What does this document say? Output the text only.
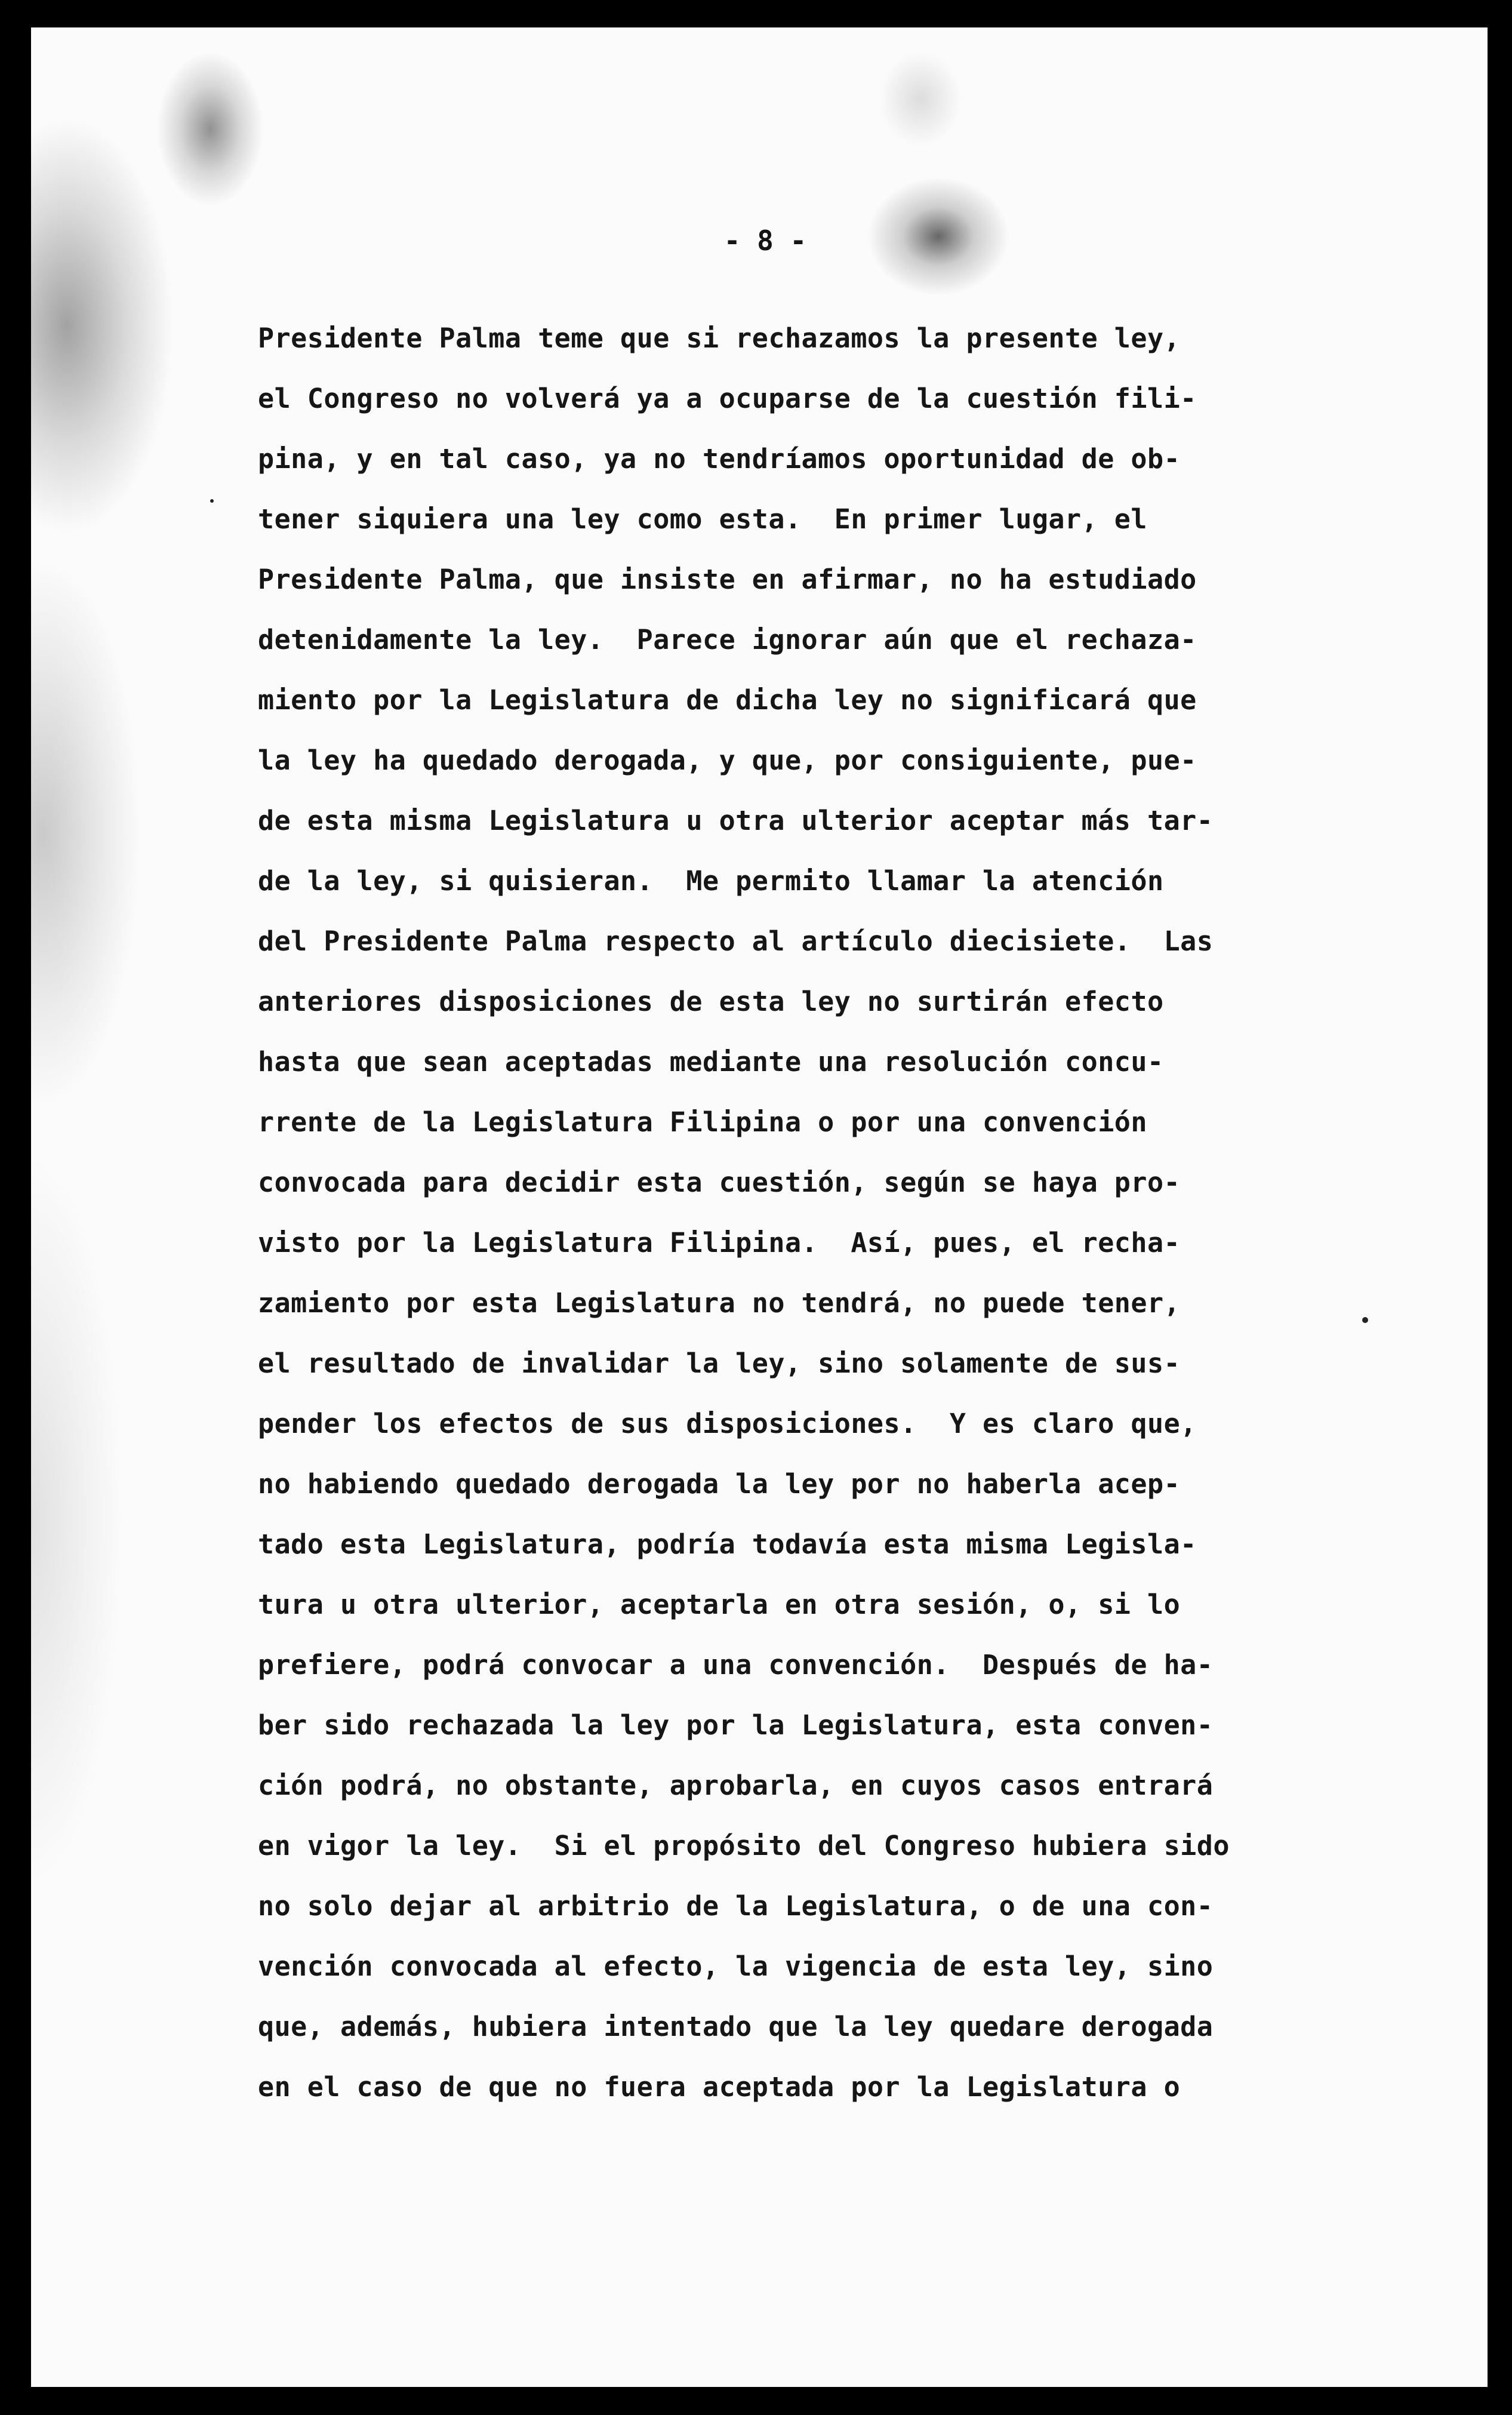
- 8 -
Presidente Palma teme que si rechazamos la presente ley,
el Congreso no volverá ya a ocuparse de la cuestión fili-
pina, y en tal caso, ya no tendríamos oportunidad de ob-
tener siquiera una ley como esta.  En primer lugar, el
Presidente Palma, que insiste en afirmar, no ha estudiado
detenidamente la ley.  Parece ignorar aún que el rechaza-
miento por la Legislatura de dicha ley no significará que
la ley ha quedado derogada, y que, por consiguiente, pue-
de esta misma Legislatura u otra ulterior aceptar más tar-
de la ley, si quisieran.  Me permito llamar la atención
del Presidente Palma respecto al artículo diecisiete.  Las
anteriores disposiciones de esta ley no surtirán efecto
hasta que sean aceptadas mediante una resolución concu-
rrente de la Legislatura Filipina o por una convención
convocada para decidir esta cuestión, según se haya pro-
visto por la Legislatura Filipina.  Así, pues, el recha-
zamiento por esta Legislatura no tendrá, no puede tener,
el resultado de invalidar la ley, sino solamente de sus-
pender los efectos de sus disposiciones.  Y es claro que,
no habiendo quedado derogada la ley por no haberla acep-
tado esta Legislatura, podría todavía esta misma Legisla-
tura u otra ulterior, aceptarla en otra sesión, o, si lo
prefiere, podrá convocar a una convención.  Después de ha-
ber sido rechazada la ley por la Legislatura, esta conven-
ción podrá, no obstante, aprobarla, en cuyos casos entrará
en vigor la ley.  Si el propósito del Congreso hubiera sido
no solo dejar al arbitrio de la Legislatura, o de una con-
vención convocada al efecto, la vigencia de esta ley, sino
que, además, hubiera intentado que la ley quedare derogada
en el caso de que no fuera aceptada por la Legislatura o
